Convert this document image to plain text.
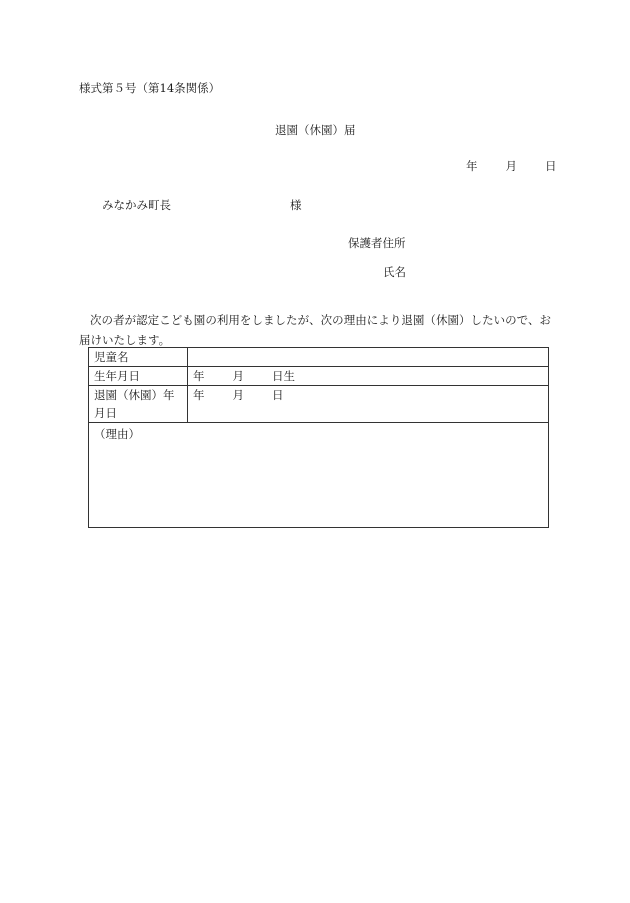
様式第５号（第14条関係）
退園（休園）届
年 月 日
みなかみ町長	様
保護者住所
氏名
次の者が認定こども園の利用をしましたが、次の理由により退園（休園）したいので、お届けいたします。
児童名	
生年月日	年 月 日生
退園（休園）年月日	年 月 日

（理由）	
